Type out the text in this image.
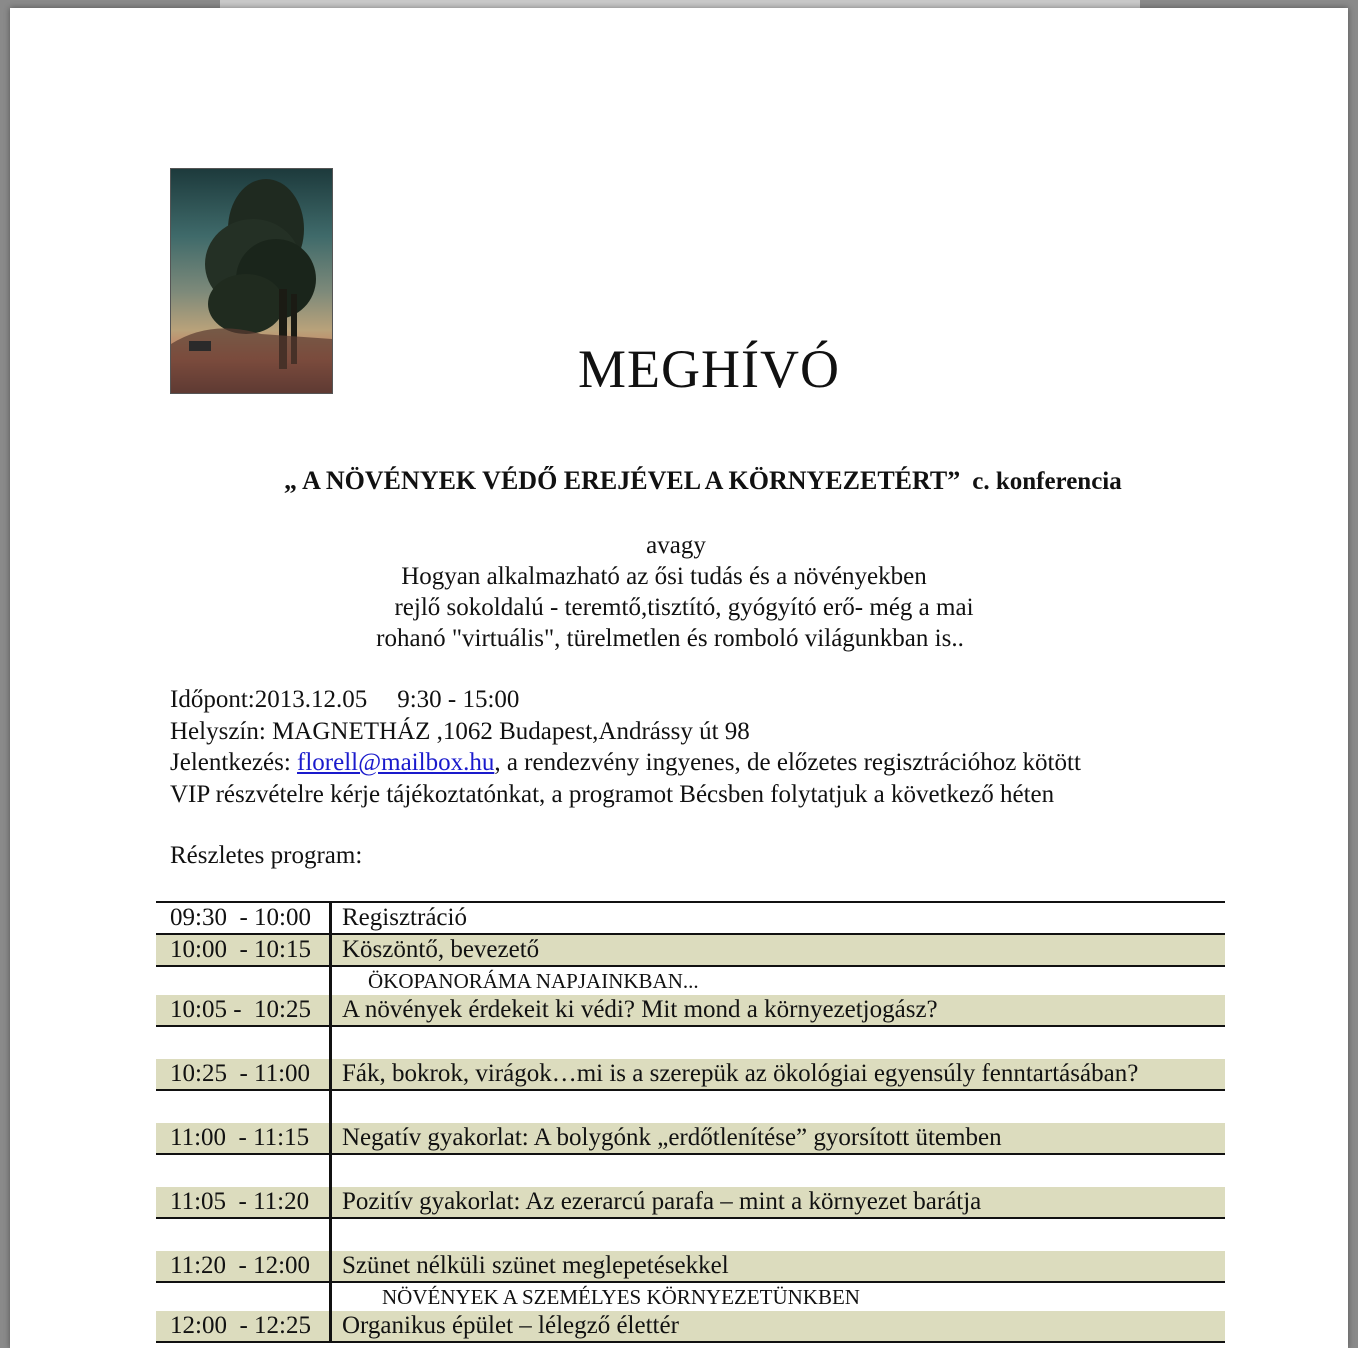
MEGHÍVÓ
„ A NÖVÉNYEK VÉDŐ EREJÉVEL A KÖRNYEZETÉRT” c. konferencia
avagy
Hogyan alkalmazható az ősi tudás és a növényekben
rejlő sokoldalú - teremtő,tisztító, gyógyító erő- még a mai
rohanó "virtuális", türelmetlen és romboló világunkban is..
Időpont:2013.12.05 9:30 - 15:00
Helyszín: MAGNETHÁZ ,1062 Budapest,Andrássy út 98
Jelentkezés: florell@mailbox.hu, a rendezvény ingyenes, de előzetes regisztrációhoz kötött
VIP részvételre kérje tájékoztatónkat, a programot Bécsben folytatjuk a következő héten
Részletes program:
09:30  - 10:00	Regisztráció
10:00  - 10:15	Köszöntő, bevezető
ÖKOPANORÁMA NAPJAINKBAN...
10:05 -  10:25	A növények érdekeit ki védi? Mit mond a környezetjogász?
10:25  - 11:00	Fák, bokrok, virágok…mi is a szerepük az ökológiai egyensúly fenntartásában?
11:00  - 11:15	Negatív gyakorlat: A bolygónk „erdőtlenítése” gyorsított ütemben
11:05  - 11:20	Pozitív gyakorlat: Az ezerarcú parafa – mint a környezet barátja
11:20  - 12:00	Szünet nélküli szünet meglepetésekkel
NÖVÉNYEK A SZEMÉLYES KÖRNYEZETÜNKBEN
12:00  - 12:25	Organikus épület – lélegző élettér
